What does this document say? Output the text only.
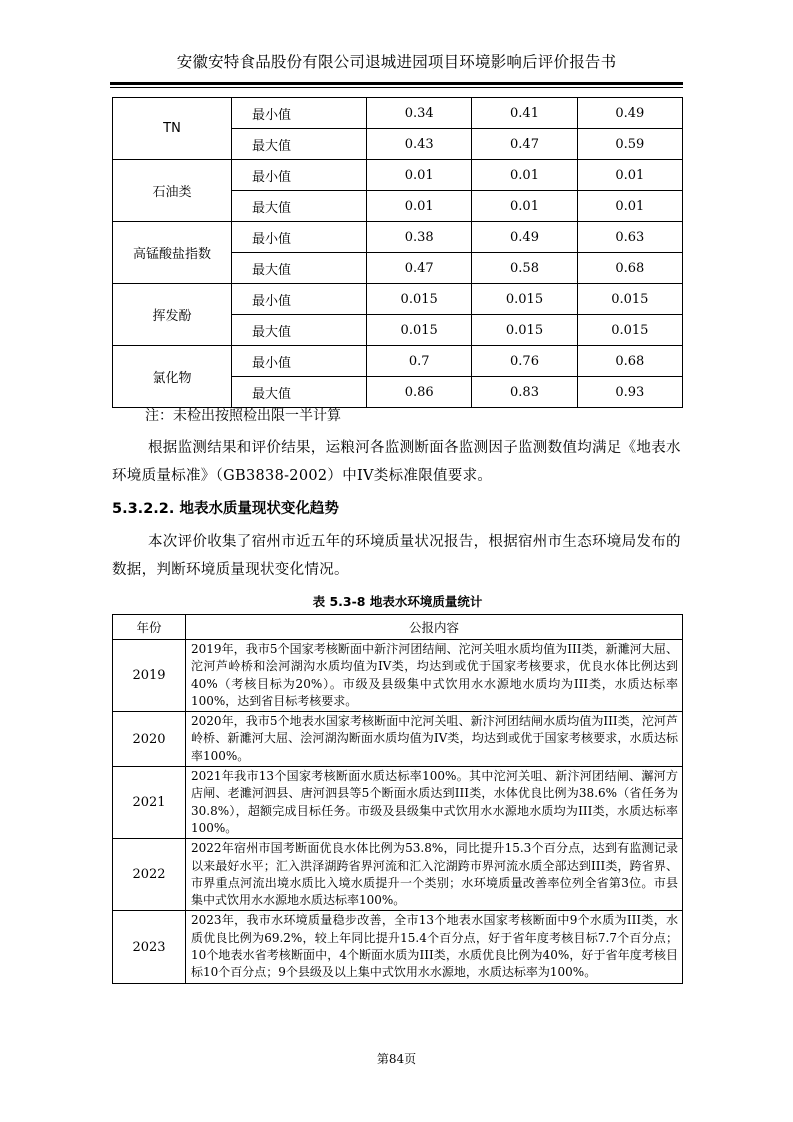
安徽安特食品股份有限公司退城进园项目环境影响后评价报告书
TN	最小值	0.34	0.41	0.49
	最大值	0.43	0.47	0.59
石油类	最小值	0.01	0.01	0.01
	最大值	0.01	0.01	0.01
高锰酸盐指数	最小值	0.38	0.49	0.63
	最大值	0.47	0.58	0.68
挥发酚	最小值	0.015	0.015	0.015
	最大值	0.015	0.015	0.015
氯化物	最小值	0.7	0.76	0.68
	最大值	0.86	0.83	0.93
注：未检出按照检出限一半计算
根据监测结果和评价结果，运粮河各监测断面各监测因子监测数值均满足《地表水环境质量标准》（GB3838-2002）中IV类标准限值要求。
5.3.2.2. 地表水质量现状变化趋势
本次评价收集了宿州市近五年的环境质量状况报告，根据宿州市生态环境局发布的数据，判断环境质量现状变化情况。
表 5.3-8 地表水环境质量统计
年份	公报内容
2019	2019年，我市5个国家考核断面中新汴河团结闸、沱河关咀水质均值为III类，新濉河大屈、沱河芦岭桥和浍河湖沟水质均值为IV类，均达到或优于国家考核要求，优良水体比例达到40%（考核目标为20%）。市级及县级集中式饮用水水源地水质均为III类，水质达标率100%，达到省目标考核要求。
2020	2020年，我市5个地表水国家考核断面中沱河关咀、新汴河团结闸水质均值为III类，沱河芦岭桥、新濉河大屈、浍河湖沟断面水质均值为IV类，均达到或优于国家考核要求，水质达标率100%。
2021	2021年我市13个国家考核断面水质达标率100%。其中沱河关咀、新汴河团结闸、澥河方店闸、老濉河泗县、唐河泗县等5个断面水质达到III类，水体优良比例为38.6%（省任务为30.8%），超额完成目标任务。市级及县级集中式饮用水水源地水质均为III类，水质达标率100%。
2022	2022年宿州市国考断面优良水体比例为53.8%，同比提升15.3个百分点，达到有监测记录以来最好水平；汇入洪泽湖跨省界河流和汇入沱湖跨市界河流水质全部达到III类，跨省界、市界重点河流出境水质比入境水质提升一个类别；水环境质量改善率位列全省第3位。市县集中式饮用水水源地水质达标率100%。
2023	2023年，我市水环境质量稳步改善，全市13个地表水国家考核断面中9个水质为III类，水质优良比例为69.2%，较上年同比提升15.4个百分点，好于省年度考核目标7.7个百分点；10个地表水省考核断面中，4个断面水质为III类，水质优良比例为40%，好于省年度考核目标10个百分点；9个县级及以上集中式饮用水水源地，水质达标率为100%。
第84页
